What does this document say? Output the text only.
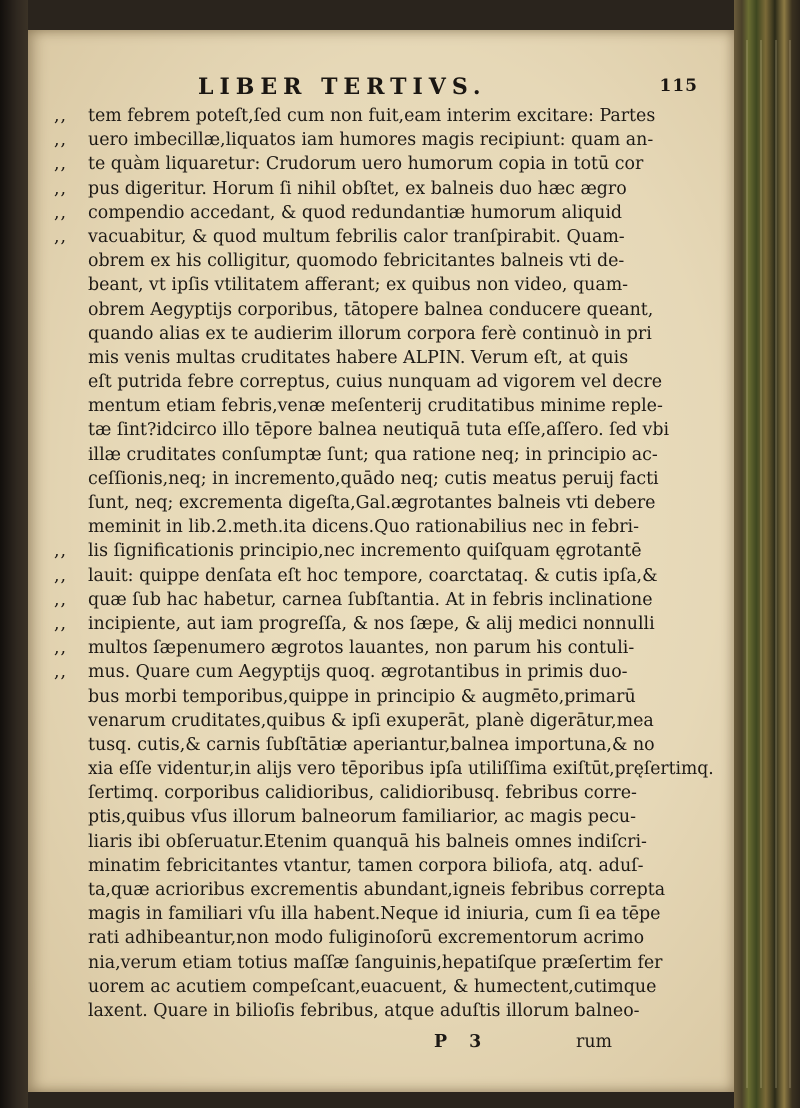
LIBER TERTIVS.	115
,,	tem febrem poteſt,ſed cum non fuit,eam interim excitare: Partes
,,	uero imbecillæ,liquatos iam humores magis recipiunt: quam an-
,,	te quàm liquaretur: Crudorum uero humorum copia in totū cor
,,	pus digeritur. Horum ſi nihil obſtet, ex balneis duo hæc ægro
,,	compendio accedant, & quod redundantiæ humorum aliquid
,,	vacuabitur, & quod multum febrilis calor tranſpirabit. Quam-
obrem ex his colligitur, quomodo febricitantes balneis vti de-
beant, vt ipſis vtilitatem afferant; ex quibus non video, quam-
obrem Aegyptijs corporibus, tātopere balnea conducere queant,
quando alias ex te audierim illorum corpora ferè continuò in pri
mis venis multas cruditates habere ALPIN. Verum eſt, at quis
eſt putrida febre correptus, cuius nunquam ad vigorem vel decre
mentum etiam febris,venæ meſenterij cruditatibus minime reple-
tæ ſint?idcirco illo tēpore balnea neutiquā tuta eſſe,aſſero. ſed vbi
illæ cruditates conſumptæ ſunt; qua ratione neq; in principio ac-
ceſſionis,neq; in incremento,quādo neq; cutis meatus peruij facti
ſunt, neq; excrementa digeſta,Gal.ægrotantes balneis vti debere
meminit in lib.2.meth.ita dicens.Quo rationabilius nec in febri-
,,	lis ſignificationis principio,nec incremento quiſquam ęgrotantē
,,	lauit: quippe denſata eſt hoc tempore, coarctataq. & cutis ipſa,&
,,	quæ ſub hac habetur, carnea ſubſtantia. At in febris inclinatione
,,	incipiente, aut iam progreſſa, & nos ſæpe, & alij medici nonnulli
,,	multos ſæpenumero ægrotos lauantes, non parum his contuli-
,,	mus. Quare cum Aegyptijs quoq. ægrotantibus in primis duo-
bus morbi temporibus,quippe in principio & augmēto,primarū
venarum cruditates,quibus & ipſi exuperāt, planè digerātur,mea
tusq. cutis,& carnis ſubſtātiæ aperiantur,balnea importuna,& no
xia eſſe videntur,in alijs vero tēporibus ipſa utiliſſima exiſtūt,pręſertimq.
ſertimq. corporibus calidioribus, calidioribusq. febribus corre-
ptis,quibus vſus illorum balneorum familiarior, ac magis pecu-
liaris ibi obſeruatur.Etenim quanquā his balneis omnes indiſcri-
minatim febricitantes vtantur, tamen corpora biliofa, atq. aduſ-
ta,quæ acrioribus excrementis abundant,igneis febribus correpta
magis in familiari vſu illa habent.Neque id iniuria, cum ſi ea tēpe
rati adhibeantur,non modo fuliginoſorū excrementorum acrimo
nia,verum etiam totius maſſæ ſanguinis,hepatiſque præſertim fer
uorem ac acutiem compeſcant,euacuent, & humectent,cutimque
laxent. Quare in bilioſis febribus, atque aduſtis illorum balneo-
P 3	rum
